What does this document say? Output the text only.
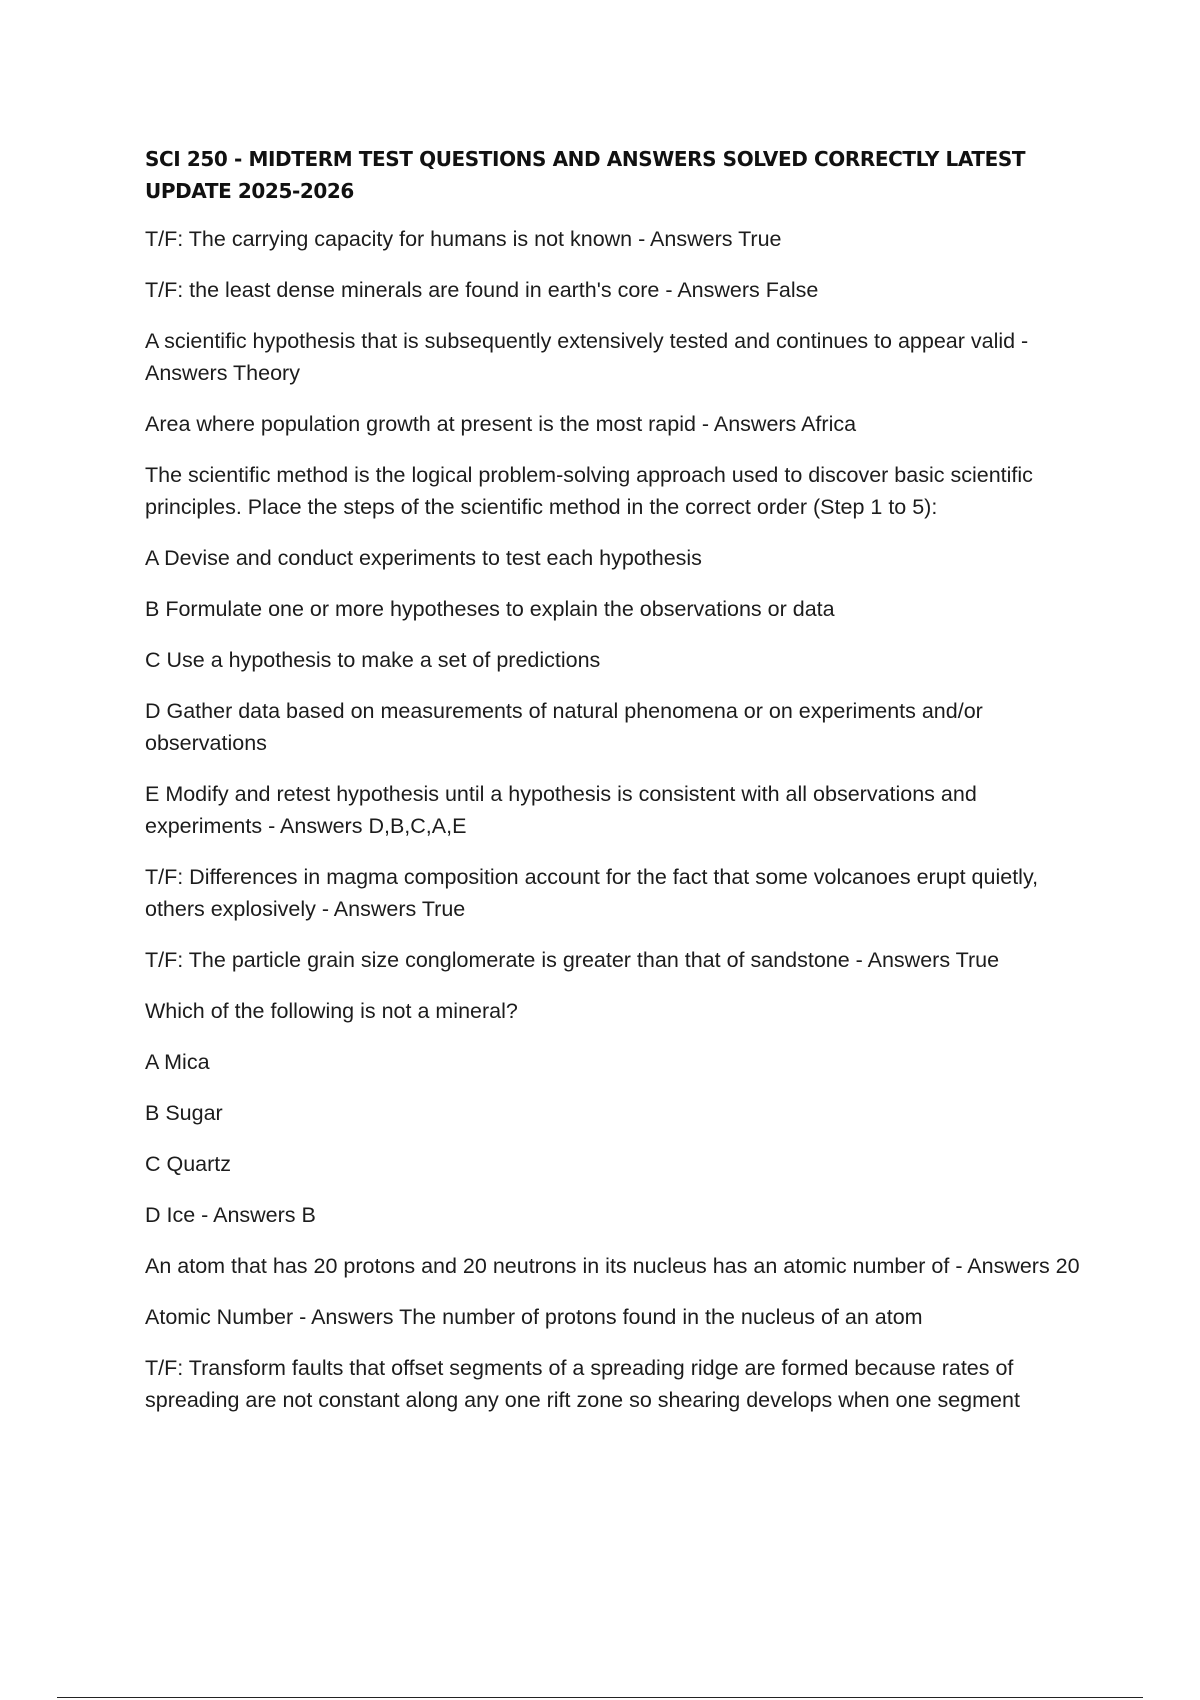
SCI 250 - MIDTERM TEST QUESTIONS AND ANSWERS SOLVED CORRECTLY LATEST UPDATE 2025-2026

T/F: The carrying capacity for humans is not known - Answers True

T/F: the least dense minerals are found in earth's core - Answers False

A scientific hypothesis that is subsequently extensively tested and continues to appear valid - Answers Theory

Area where population growth at present is the most rapid - Answers Africa

The scientific method is the logical problem-solving approach used to discover basic scientific principles. Place the steps of the scientific method in the correct order (Step 1 to 5):

A Devise and conduct experiments to test each hypothesis

B Formulate one or more hypotheses to explain the observations or data

C Use a hypothesis to make a set of predictions

D Gather data based on measurements of natural phenomena or on experiments and/or observations

E Modify and retest hypothesis until a hypothesis is consistent with all observations and experiments - Answers D,B,C,A,E

T/F: Differences in magma composition account for the fact that some volcanoes erupt quietly, others explosively - Answers True

T/F: The particle grain size conglomerate is greater than that of sandstone - Answers True

Which of the following is not a mineral?

A Mica

B Sugar

C Quartz

D Ice - Answers B

An atom that has 20 protons and 20 neutrons in its nucleus has an atomic number of - Answers 20

Atomic Number - Answers The number of protons found in the nucleus of an atom

T/F: Transform faults that offset segments of a spreading ridge are formed because rates of spreading are not constant along any one rift zone so shearing develops when one segment
